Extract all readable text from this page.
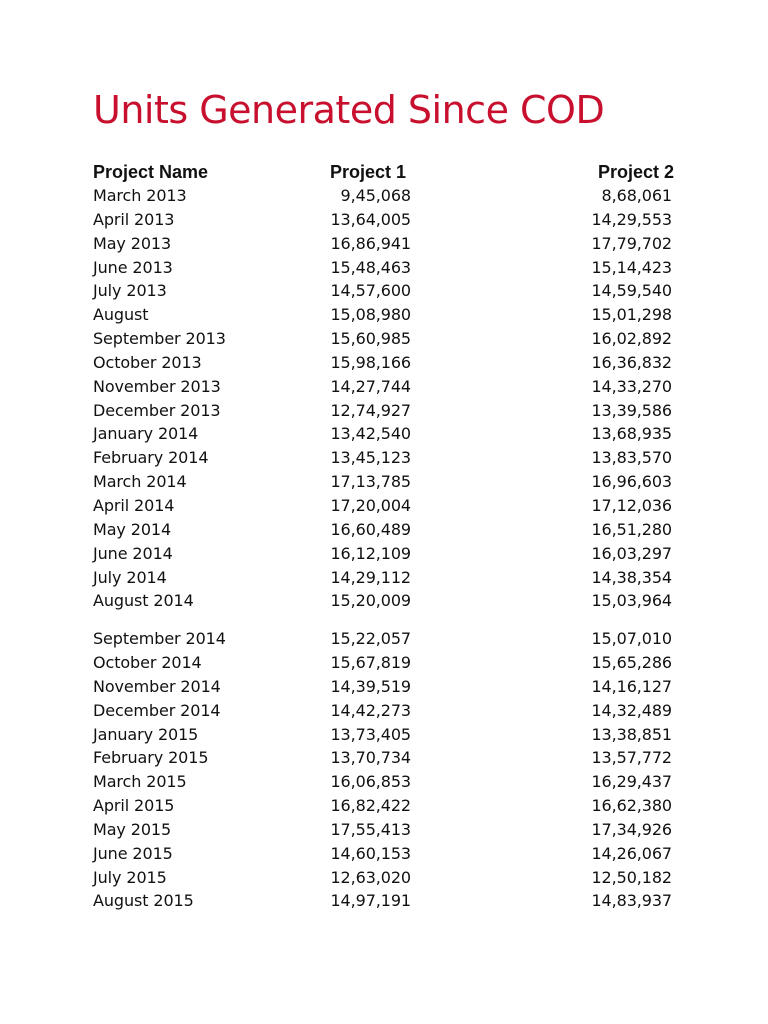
Units Generated Since COD
Project Name	Project 1	Project 2
March 2013	9,45,068	8,68,061
April 2013	13,64,005	14,29,553
May 2013	16,86,941	17,79,702
June 2013	15,48,463	15,14,423
July 2013	14,57,600	14,59,540
August	15,08,980	15,01,298
September 2013	15,60,985	16,02,892
October 2013	15,98,166	16,36,832
November 2013	14,27,744	14,33,270
December 2013	12,74,927	13,39,586
January 2014	13,42,540	13,68,935
February 2014	13,45,123	13,83,570
March 2014	17,13,785	16,96,603
April 2014	17,20,004	17,12,036
May 2014	16,60,489	16,51,280
June 2014	16,12,109	16,03,297
July 2014	14,29,112	14,38,354
August 2014	15,20,009	15,03,964
September 2014	15,22,057	15,07,010
October 2014	15,67,819	15,65,286
November 2014	14,39,519	14,16,127
December 2014	14,42,273	14,32,489
January 2015	13,73,405	13,38,851
February 2015	13,70,734	13,57,772
March 2015	16,06,853	16,29,437
April 2015	16,82,422	16,62,380
May 2015	17,55,413	17,34,926
June 2015	14,60,153	14,26,067
July 2015	12,63,020	12,50,182
August 2015	14,97,191	14,83,937
